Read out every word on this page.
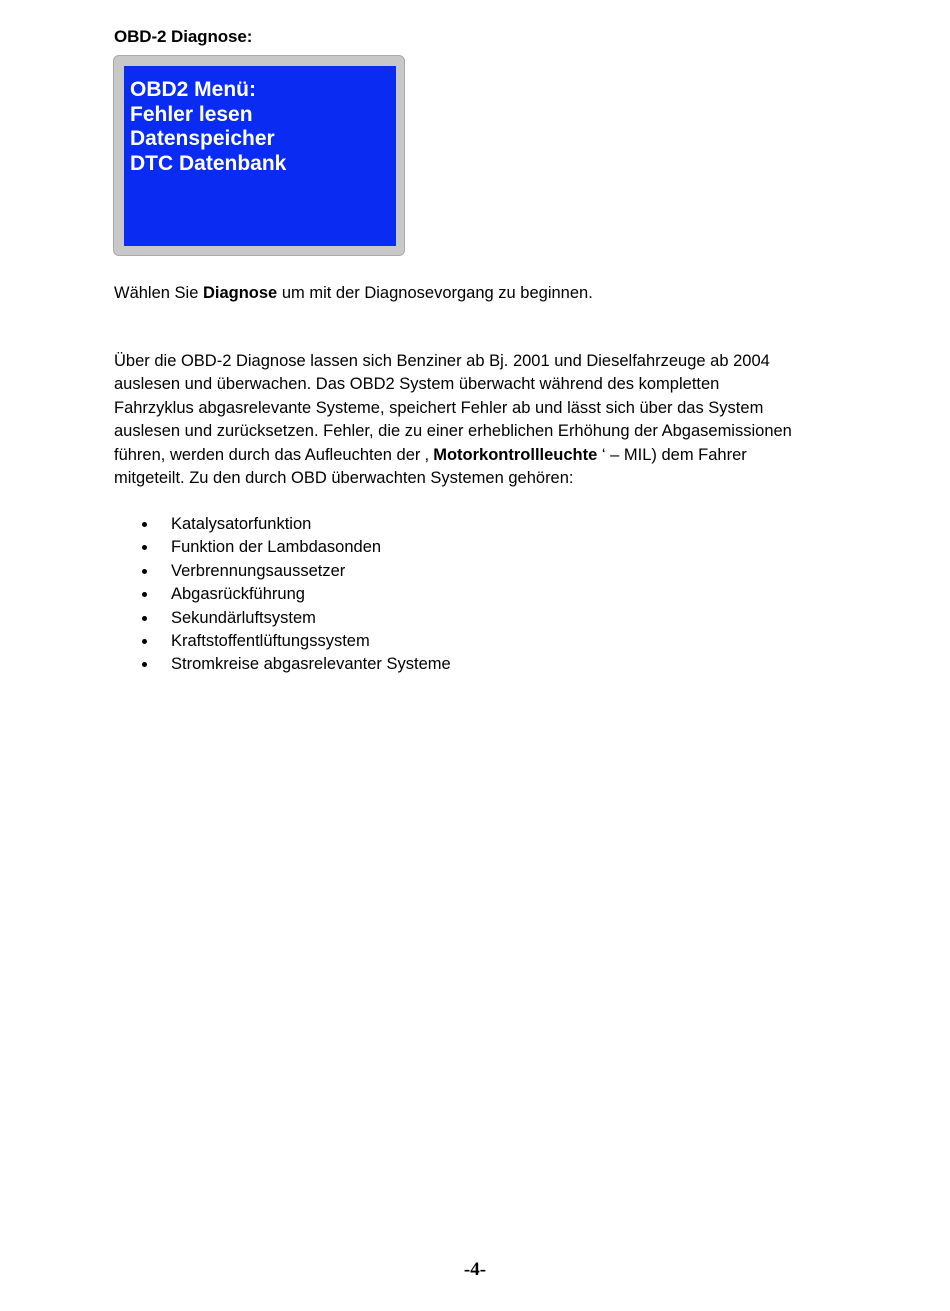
OBD-2 Diagnose:
OBD2 Menü:
Fehler lesen
Datenspeicher
DTC Datenbank
Wählen Sie Diagnose um mit der Diagnosevorgang zu beginnen.
Über die OBD-2 Diagnose lassen sich Benziner ab Bj. 2001 und Dieselfahrzeuge ab 2004
auslesen und überwachen. Das OBD2 System überwacht während des kompletten
Fahrzyklus abgasrelevante Systeme, speichert Fehler ab und lässt sich über das System
auslesen und zurücksetzen. Fehler, die zu einer erheblichen Erhöhung der Abgasemissionen
führen, werden durch das Aufleuchten der ‚ Motorkontrollleuchte ‘ – MIL) dem Fahrer
mitgeteilt. Zu den durch OBD überwachten Systemen gehören:
Katalysatorfunktion
Funktion der Lambdasonden
Verbrennungsaussetzer
Abgasrückführung
Sekundärluftsystem
Kraftstoffentlüftungssystem
Stromkreise abgasrelevanter Systeme
-4-
